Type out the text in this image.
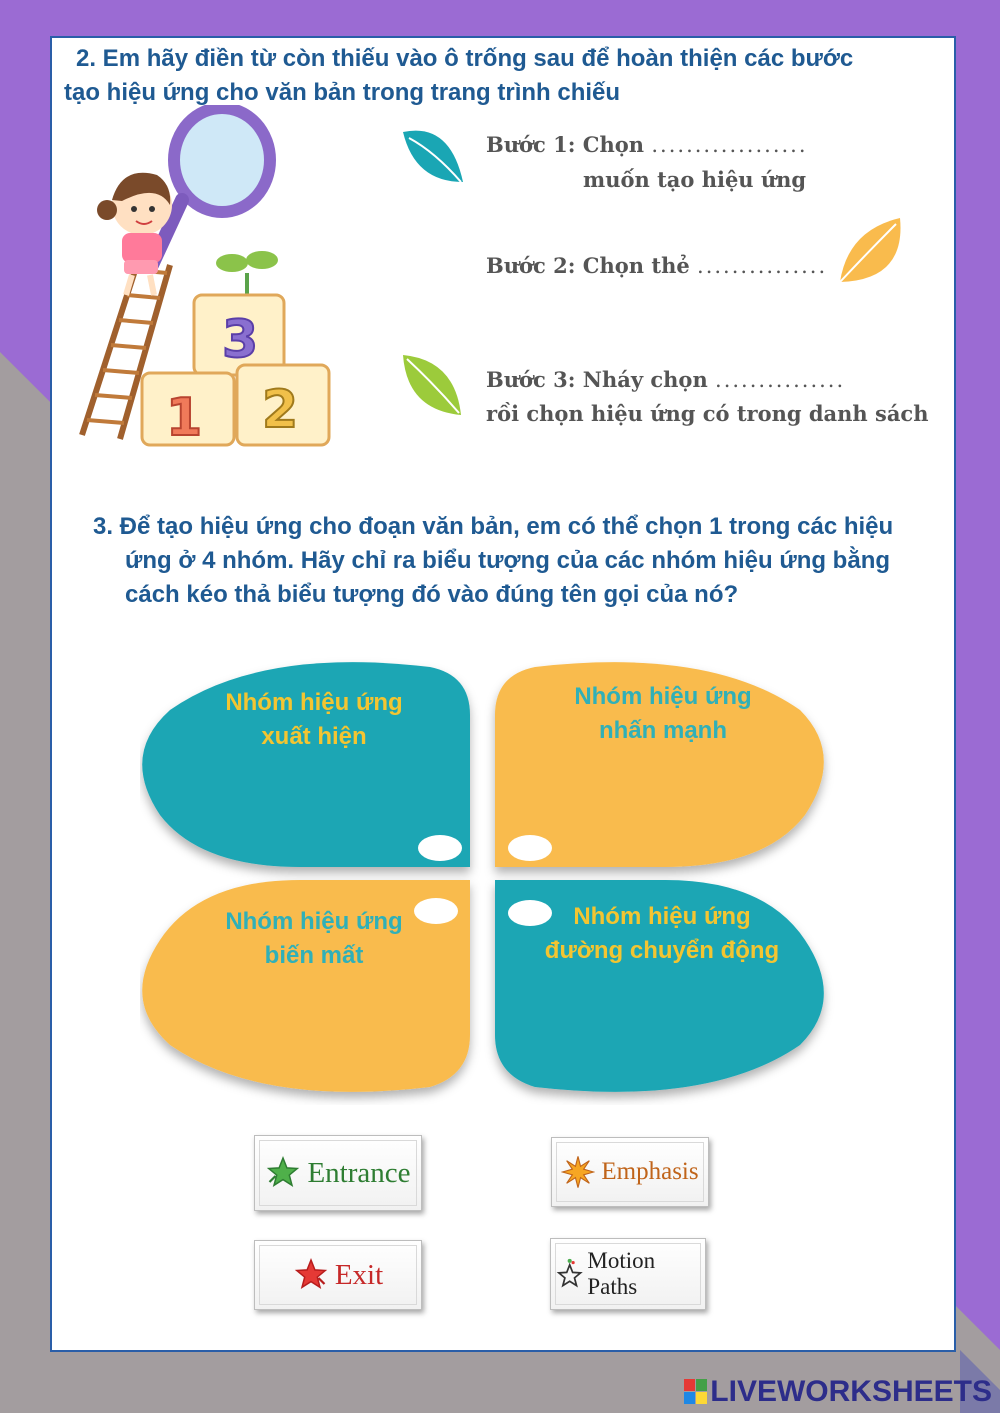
2. Em hãy điền từ còn thiếu vào ô trống sau để hoàn thiện các bước
tạo hiệu ứng cho văn bản trong trang trình chiếu
3
1 2
Bước 1: Chọn ..................
muốn tạo hiệu ứng
Bước 2: Chọn thẻ ...............
Bước 3: Nháy chọn ...............
rồi chọn hiệu ứng có trong danh sách
3. Để tạo hiệu ứng cho đoạn văn bản, em có thể chọn 1 trong các hiệu
ứng ở 4 nhóm. Hãy chỉ ra biểu tượng của các nhóm hiệu ứng bằng
cách kéo thả biểu tượng đó vào đúng tên gọi của nó?
Nhóm hiệu ứng
xuất hiện
Nhóm hiệu ứng
nhấn mạnh
Nhóm hiệu ứng
biến mất
Nhóm hiệu ứng
đường chuyển động
Entrance	Emphasis
Exit	Motion Paths
LIVEWORKSHEETS
